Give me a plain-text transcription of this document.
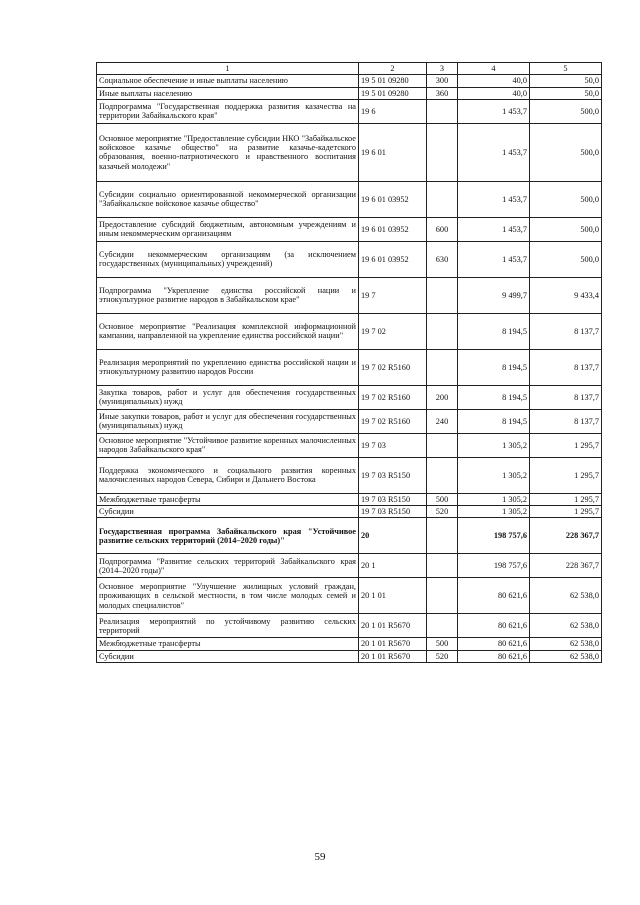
1	2	3	4	5
Социальное обеспечение и иные выплаты населению	19 5 01 09280	300	40,0	50,0
Иные выплаты населению	19 5 01 09280	360	40,0	50,0
Подпрограмма "Государственная поддержка развития казачества на территории Забайкальского края"	19 6		1 453,7	500,0
Основное мероприятие "Предоставление субсидии НКО "Забайкальское войсковое казачье общество" на развитие казачье-кадетского образования, военно-патриотического и нравственного воспитания казачьей молодежи"	19 6 01		1 453,7	500,0
Субсидии социально ориентированной некоммерческой организации "Забайкальское войсковое казачье общество"	19 6 01 03952		1 453,7	500,0
Предоставление субсидий бюджетным, автономным учреждениям и иным некоммерческим организациям	19 6 01 03952	600	1 453,7	500,0
Субсидии некоммерческим организациям (за исключением государственных (муниципальных) учреждений)	19 6 01 03952	630	1 453,7	500,0
Подпрограмма "Укрепление единства российской нации и этнокультурное развитие народов в Забайкальском крае"	19 7		9 499,7	9 433,4
Основное мероприятие "Реализация комплексной информационной кампании, направленной на укрепление единства российской нации"	19 7 02		8 194,5	8 137,7
Реализация мероприятий по укреплению единства российской нации и этнокультурному развитию народов России	19 7 02 R5160		8 194,5	8 137,7
Закупка товаров, работ и услуг для обеспечения государственных (муниципальных) нужд	19 7 02 R5160	200	8 194,5	8 137,7
Иные закупки товаров, работ и услуг для обеспечения государственных (муниципальных) нужд	19 7 02 R5160	240	8 194,5	8 137,7
Основное мероприятие "Устойчивое развитие коренных малочисленных народов Забайкальского края"	19 7 03		1 305,2	1 295,7
Поддержка экономического и социального развития коренных малочисленных народов Севера, Сибири и Дальнего Востока	19 7 03 R5150		1 305,2	1 295,7
Межбюджетные трансферты	19 7 03 R5150	500	1 305,2	1 295,7
Субсидии	19 7 03 R5150	520	1 305,2	1 295,7
Государственная программа Забайкальского края "Устойчивое развитие сельских территорий (2014–2020 годы)"	20		198 757,6	228 367,7
Подпрограмма "Развитие сельских территорий Забайкальского края (2014–2020 годы)"	20 1		198 757,6	228 367,7
Основное мероприятие "Улучшение жилищных условий граждан, проживающих в сельской местности, в том числе молодых семей и молодых специалистов"	20 1 01		80 621,6	62 538,0
Реализация мероприятий по устойчивому развитию сельских территорий	20 1 01 R5670		80 621,6	62 538,0
Межбюджетные трансферты	20 1 01 R5670	500	80 621,6	62 538,0
Субсидии	20 1 01 R5670	520	80 621,6	62 538,0
59
